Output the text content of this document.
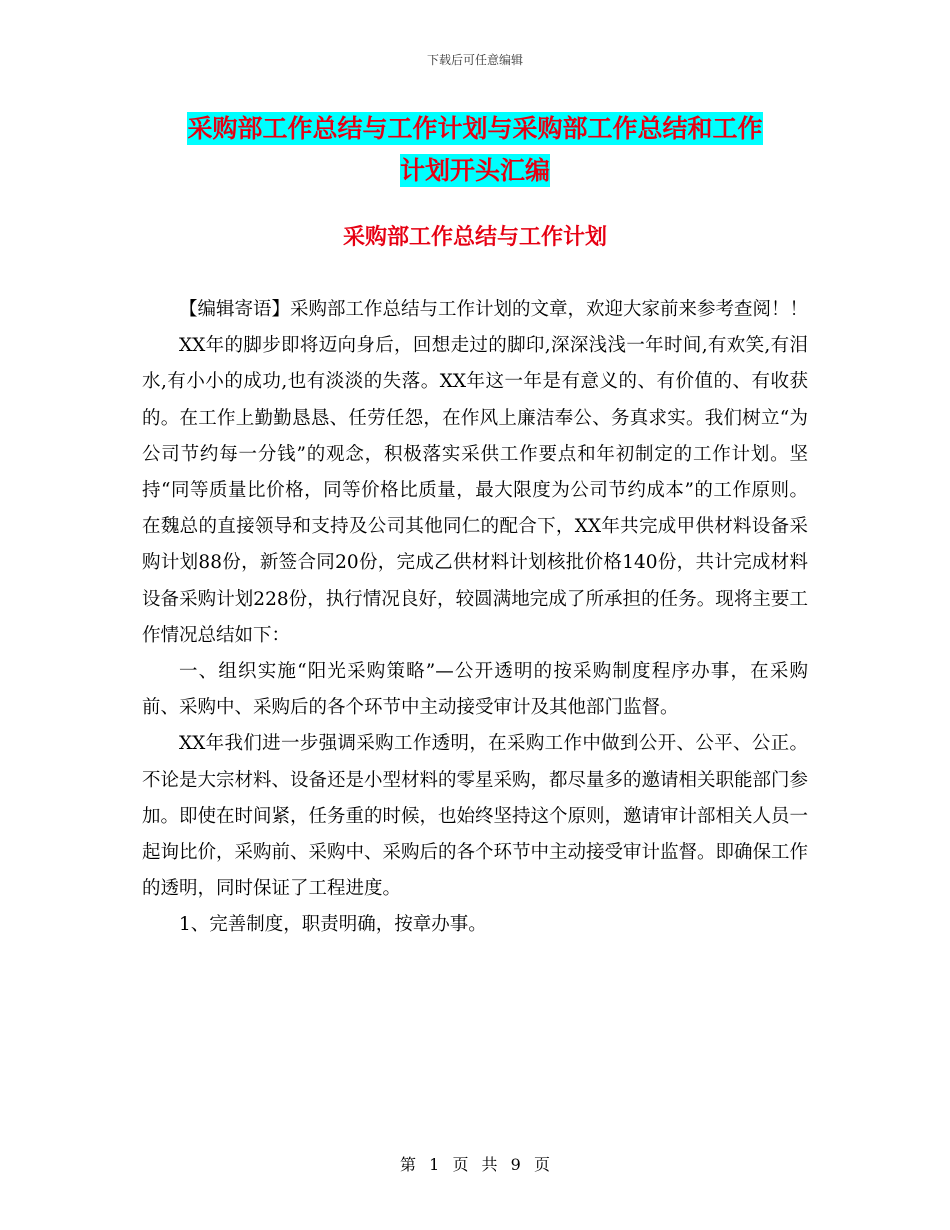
下载后可任意编辑
采购部工作总结与工作计划与采购部工作总结和工作
计划开头汇编
采购部工作总结与工作计划

【编辑寄语】采购部工作总结与工作计划的文章，欢迎大家前来参考查阅！！

XX年的脚步即将迈向身后，回想走过的脚印,深深浅浅一年时间,有欢笑,有泪水,有小小的成功,也有淡淡的失落。XX年这一年是有意义的、有价值的、有收获的。在工作上勤勤恳恳、任劳任怨，在作风上廉洁奉公、务真求实。我们树立“为公司节约每一分钱”的观念，积极落实采供工作要点和年初制定的工作计划。坚持“同等质量比价格，同等价格比质量，最大限度为公司节约成本”的工作原则。在魏总的直接领导和支持及公司其他同仁的配合下，XX年共完成甲供材料设备采购计划88份，新签合同20份，完成乙供材料计划核批价格140份，共计完成材料设备采购计划228份，执行情况良好，较圆满地完成了所承担的任务。现将主要工作情况总结如下：

一、组织实施“阳光采购策略”—公开透明的按采购制度程序办事，在采购前、采购中、采购后的各个环节中主动接受审计及其他部门监督。

XX年我们进一步强调采购工作透明，在采购工作中做到公开、公平、公正。不论是大宗材料、设备还是小型材料的零星采购，都尽量多的邀请相关职能部门参加。即使在时间紧，任务重的时候，也始终坚持这个原则，邀请审计部相关人员一起询比价，采购前、采购中、采购后的各个环节中主动接受审计监督。即确保工作的透明，同时保证了工程进度。

1、完善制度，职责明确，按章办事。

第 1 页 共 9 页
